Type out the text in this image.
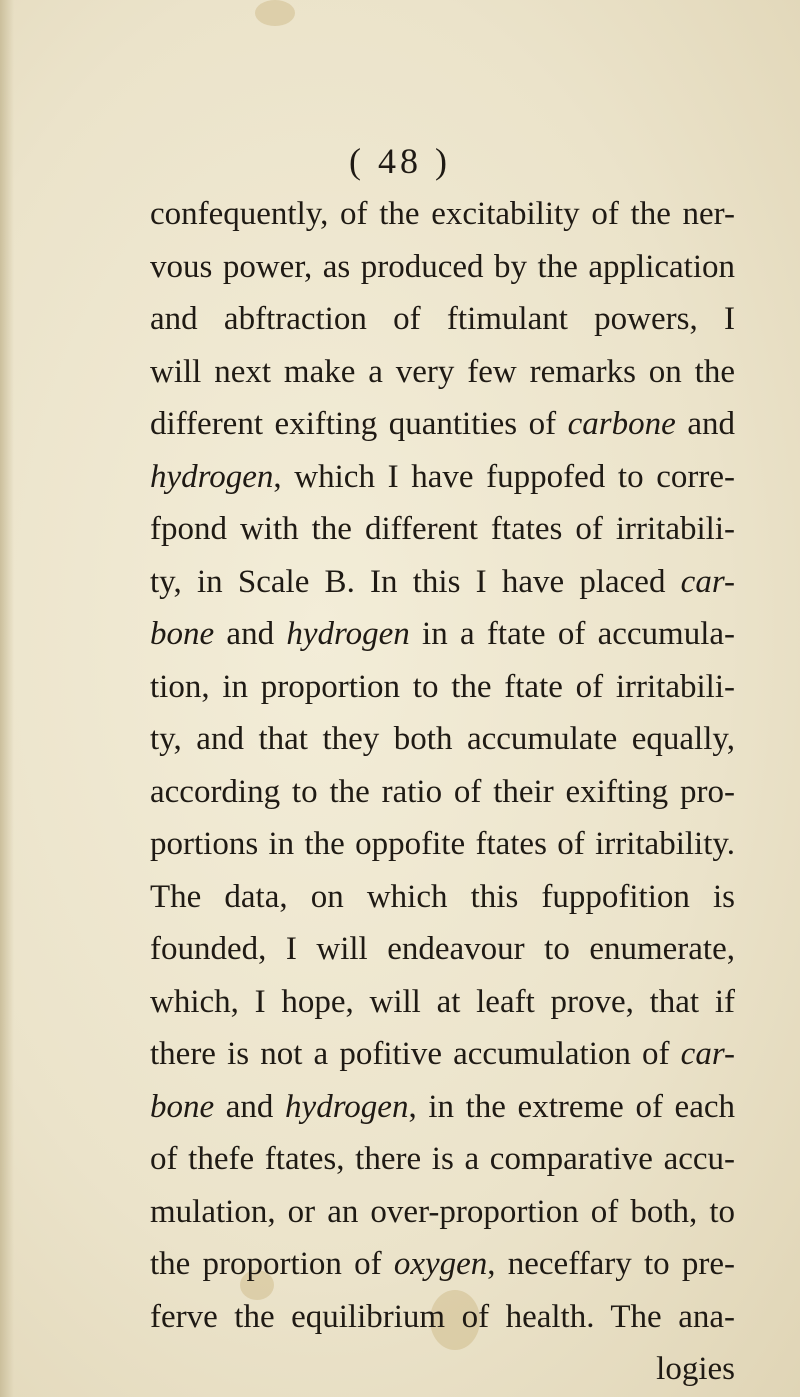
( 48 )
confequently, of the excitability of the ner-
vous power, as produced by the application
and abftraction of ftimulant powers, I
will next make a very few remarks on the
different exifting quantities of carbone and
hydrogen, which I have fuppofed to corre-
fpond with the different ftates of irritabili-
ty, in Scale B. In this I have placed car-
bone and hydrogen in a ftate of accumula-
tion, in proportion to the ftate of irritabili-
ty, and that they both accumulate equally,
according to the ratio of their exifting pro-
portions in the oppofite ftates of irritability.
The data, on which this fuppofition is
founded, I will endeavour to enumerate,
which, I hope, will at leaft prove, that if
there is not a pofitive accumulation of car-
bone and hydrogen, in the extreme of each
of thefe ftates, there is a comparative accu-
mulation, or an over-proportion of both, to
the proportion of oxygen, neceffary to pre-
ferve the equilibrium of health. The ana-
logies
